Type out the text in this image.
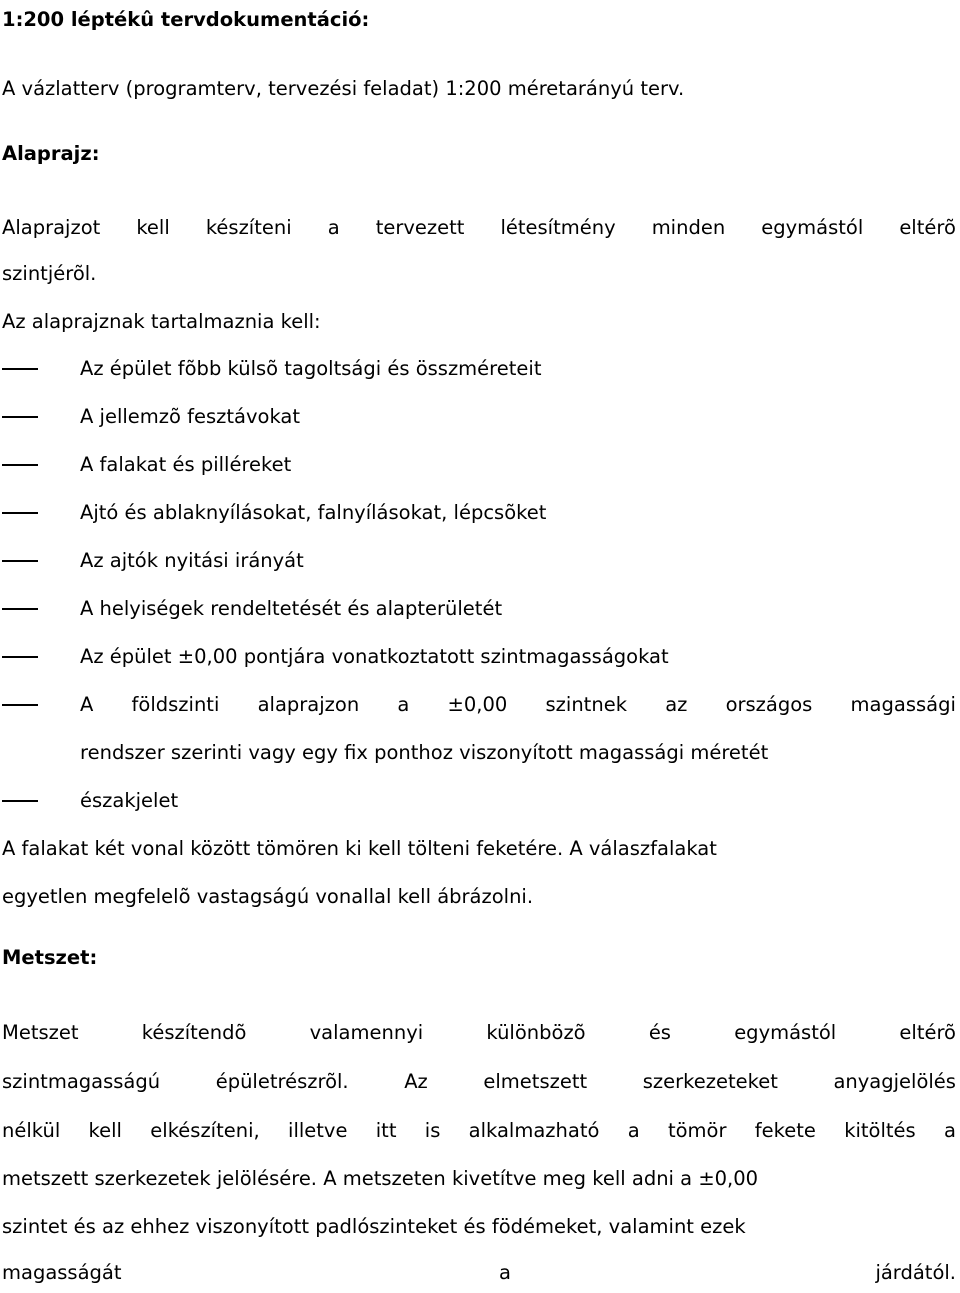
1:200 léptékû tervdokumentáció:
A vázlatterv (programterv, tervezési feladat) 1:200 méretarányú terv.
Alaprajz:
Alaprajzot kell készíteni a tervezett létesítmény minden egymástól eltérõ
szintjérõl.
Az alaprajznak tartalmaznia kell:
Az épület fõbb külsõ tagoltsági és összméreteit
A jellemzõ fesztávokat
A falakat és pilléreket
Ajtó és ablaknyílásokat, falnyílásokat, lépcsõket
Az ajtók nyitási irányát
A helyiségek rendeltetését és alapterületét
Az épület ±0,00 pontjára vonatkoztatott szintmagasságokat
A földszinti alaprajzon a ±0,00 szintnek az országos magassági
rendszer szerinti vagy egy fix ponthoz viszonyított magassági méretét
északjelet
A falakat két vonal között tömören ki kell tölteni feketére. A válaszfalakat
egyetlen megfelelõ vastagságú vonallal kell ábrázolni.
Metszet:
Metszet	készítendõ	valamennyi	különbözõ	és	egymástól	eltérõ
szintmagasságú	épületrészrõl.	Az	elmetszett	szerkezeteket	anyagjelölés
nélkül kell elkészíteni, illetve itt is alkalmazható a tömör fekete kitöltés a
metszett szerkezetek jelölésére. A metszeten kivetítve meg kell adni a ±0,00
szintet és az ehhez viszonyított padlószinteket és födémeket, valamint ezek
magasságát	a	járdától.
